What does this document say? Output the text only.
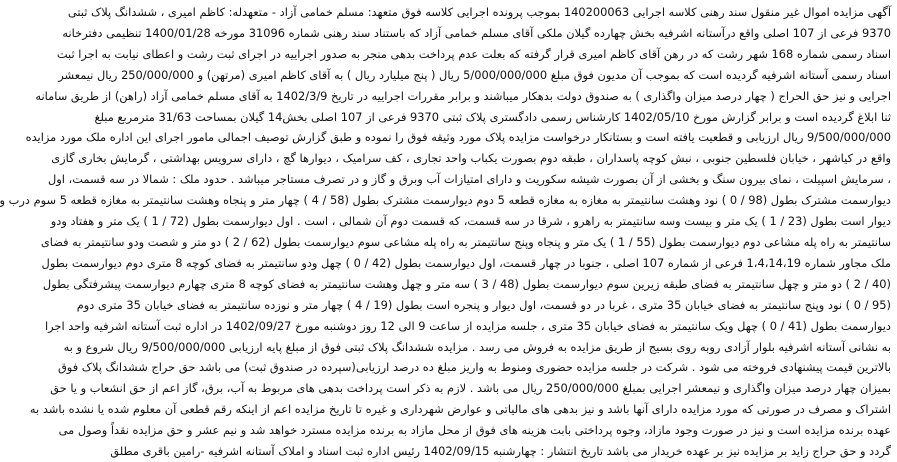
آگهی مزایده اموال غیر منقول سند رهنی کلاسه اجرایی 140200063 بموجب پرونده اجرایی کلاسه فوق متعهد: مسلم خمامی آزاد - متعهدله: کاظم امیری ، ششدانگ پلاک ثبتی
9370 فرعی از 107 اصلی واقع درآستانه اشرفیه بخش چهارده گیلان ملکی آقای مسلم خمامی آزاد که باستناد سند رهنی شماره 31096 مورخه 1400/01/28 تنظیمی دفترخانه
اسناد رسمی شماره 168 شهر رشت که در رهن آقای کاظم امیری قرار گرفته که بعلت عدم پرداخت بدهی منجر به صدور اجراییه در اجرای ثبت رشت و اعطای نیابت به اجرا ثبت
اسناد رسمی آستانه اشرفیه گردیده است که بموجب آن مدیون فوق مبلغ 5/000/000/000 ریال ( پنج میلیارد ریال ) به آقای کاظم امیری (مرتهن) و 250/000/000 ریال نیمعشر
اجرایی و نیز حق الحراج ( چهار درصد میزان واگذاری ) به صندوق دولت بدهکار میباشند و برابر مقررات اجراییه در تاریخ 1402/3/9 به آقای مسلم خمامی آزاد (راهن) از طریق سامانه
ثنا ابلاغ گردیده است و برابر گزارش مورخ 1402/05/10 کارشناس رسمی دادگستری پلاک ثبتی 9370 فرعی از 107 اصلی بخش14 گیلان بمساحت 31/63 مترمربع مبلغ
9/500/000/000 ریال ارزیابی و قطعیت یافته است و بستانکار درخواست مزایده پلاک مورد وثیقه فوق را نموده و طبق گزارش توصیف اجمالی مامور اجرای این اداره ملک مورد مزایده
واقع در کیاشهر ، خیابان فلسطین جنوبی ، نبش کوچه پاسداران ، طبقه دوم بصورت یکباب واحد تجاری ، کف سرامیک ، دیوارها گچ ، دارای سرویس بهداشتی ، گرمایش بخاری گازی
، سرمایش اسپیلت ، نمای بیرون سنگ و بخشی از آن بصورت شیشه سکوریت و دارای امتیازات آب وبرق و گاز و در تصرف مستاجر میباشد . حدود ملک : شمالا در سه قسمت، اول
دیوارسمت مشترک بطول (98 / 0 ) نود وهشت سانتیمتر به مغازه به مغازه قطعه 5 دوم دیوارسمت مشترک بطول (58 / 4 ) چهار متر و پنجاه وهشت سانتیمتر به مغازه قطعه 5 سوم درب و
دیوار است بطول (23 / 1 ) یک متر و بیست وسه سانتیمتر به راهرو ، شرقا در سه قسمت، که قسمت دوم آن شمالی ، است . اول دیوارسمت بطول (72 / 1 ) یک متر و هفتاد ودو
سانتیمتر به راه پله مشاعی دوم دیوارسمت بطول (55 / 1 ) یک متر و پنجاه وپنج سانتیمتر به راه پله مشاعی سوم دیوارسمت بطول (62 / 2 ) دو متر و شصت ودو سانتیمتر به فضای
ملک مجاور شماره 1،4،14،19 فرعی از شماره 107 اصلی ، جنوبا در چهار قسمت، اول دیوارسمت بطول (42 / 0 ) چهل ودو سانتیمتر به فضای کوچه 8 متری دوم دیوارسمت بطول
(40 / 2 ) دو متر و چهل سانتیمتر به فضای طبقه زیرین سوم دیوارسمت بطول (48 / 3 ) سه متر و چهل وهشت سانتیمتر به فضای کوچه 8 متری چهارم دیوارسمت پیشرفتگی بطول
(95 / 0 ) نود وپنج سانتیمتر به فضای خیابان 35 متری ، غربا در دو قسمت، اول دیوار و پنجره است بطول (19 / 4 ) چهار متر و نوزده سانتیمتر به فضای خیابان 35 متری دوم
دیوارسمت بطول (41 / 0 ) چهل ویک سانتیمتر به فضای خیابان 35 متری ، جلسه مزایده از ساعت 9 الی 12 روز دوشنبه مورخ 1402/09/27 در اداره ثبت آستانه اشرفیه واحد اجرا
به نشانی آستانه اشرفیه بلوار آزادی روبه روی بسیج از طریق مزایده به فروش می رسد . مزایده ششدانگ پلاک ثبتی فوق از مبلغ پایه ارزیابی 9/500/000/000 ریال شروع و به
بالاترین قیمت پیشنهادی فروخته می شود . شرکت در جلسه مزایده حضوری ومنوط به واریز مبلغ ده درصد ارزیابی(سپرده در صندوق ثبت) می باشد حق حراج ششدانگ پلاک فوق
بمیزان چهار درصد میزان واگذاری و نیمعشر اجرایی بمبلغ 250/000/000 ریال می باشد . لازم به ذکر است پرداخت بدهی های مربوط به آب، برق، گاز اعم از حق انشعاب و یا حق
اشتراک و مصرف در صورتی که مورد مزایده دارای آنها باشد و نیز بدهی های مالیاتی و عوارض شهرداری و غیره تا تاریخ مزایده اعم از اینکه رقم قطعی آن معلوم شده یا نشده باشد به
عهده برنده مزایده است و نیز در صورت وجود مازاد، وجوه پرداختی بابت هزینه های فوق از محل مازاد به برنده مزایده مسترد خواهد شد و نیم عشر و حق مزایده نقداً وصول می
گردد و حق حراج زاید بر مزایده نیز بر عهده خریدار می باشد تاریخ انتشار : چهارشنبه 1402/09/15 رئیس اداره ثبت اسناد و املاک آستانه اشرفیه -رامین باقری مطلق
